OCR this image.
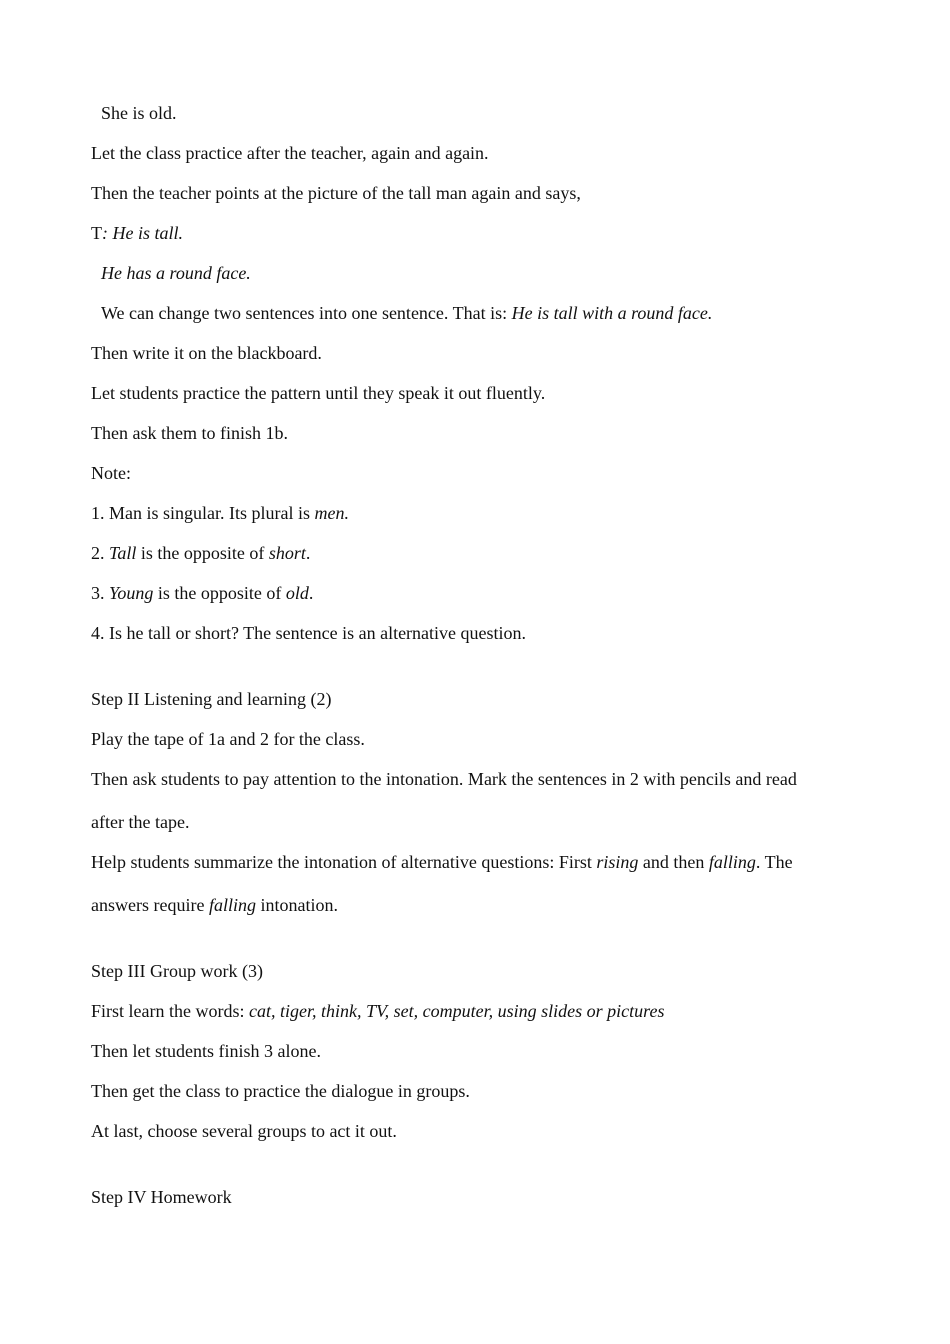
She is old.
Let the class practice after the teacher, again and again.
Then the teacher points at the picture of the tall man again and says,
T: He is tall.
He has a round face.
We can change two sentences into one sentence. That is: He is tall with a round face.
Then write it on the blackboard.
Let students practice the pattern until they speak it out fluently.
Then ask them to finish 1b.
Note:
1. Man is singular. Its plural is men.
2. Tall is the opposite of short.
3. Young is the opposite of old.
4. Is he tall or short? The sentence is an alternative question.
Step II Listening and learning (2)
Play the tape of 1a and 2 for the class.
Then ask students to pay attention to the intonation. Mark the sentences in 2 with pencils and read
after the tape.
Help students summarize the intonation of alternative questions: First rising and then falling. The
answers require falling intonation.
Step III Group work (3)
First learn the words: cat, tiger, think, TV, set, computer, using slides or pictures
Then let students finish 3 alone.
Then get the class to practice the dialogue in groups.
At last, choose several groups to act it out.
Step IV Homework
